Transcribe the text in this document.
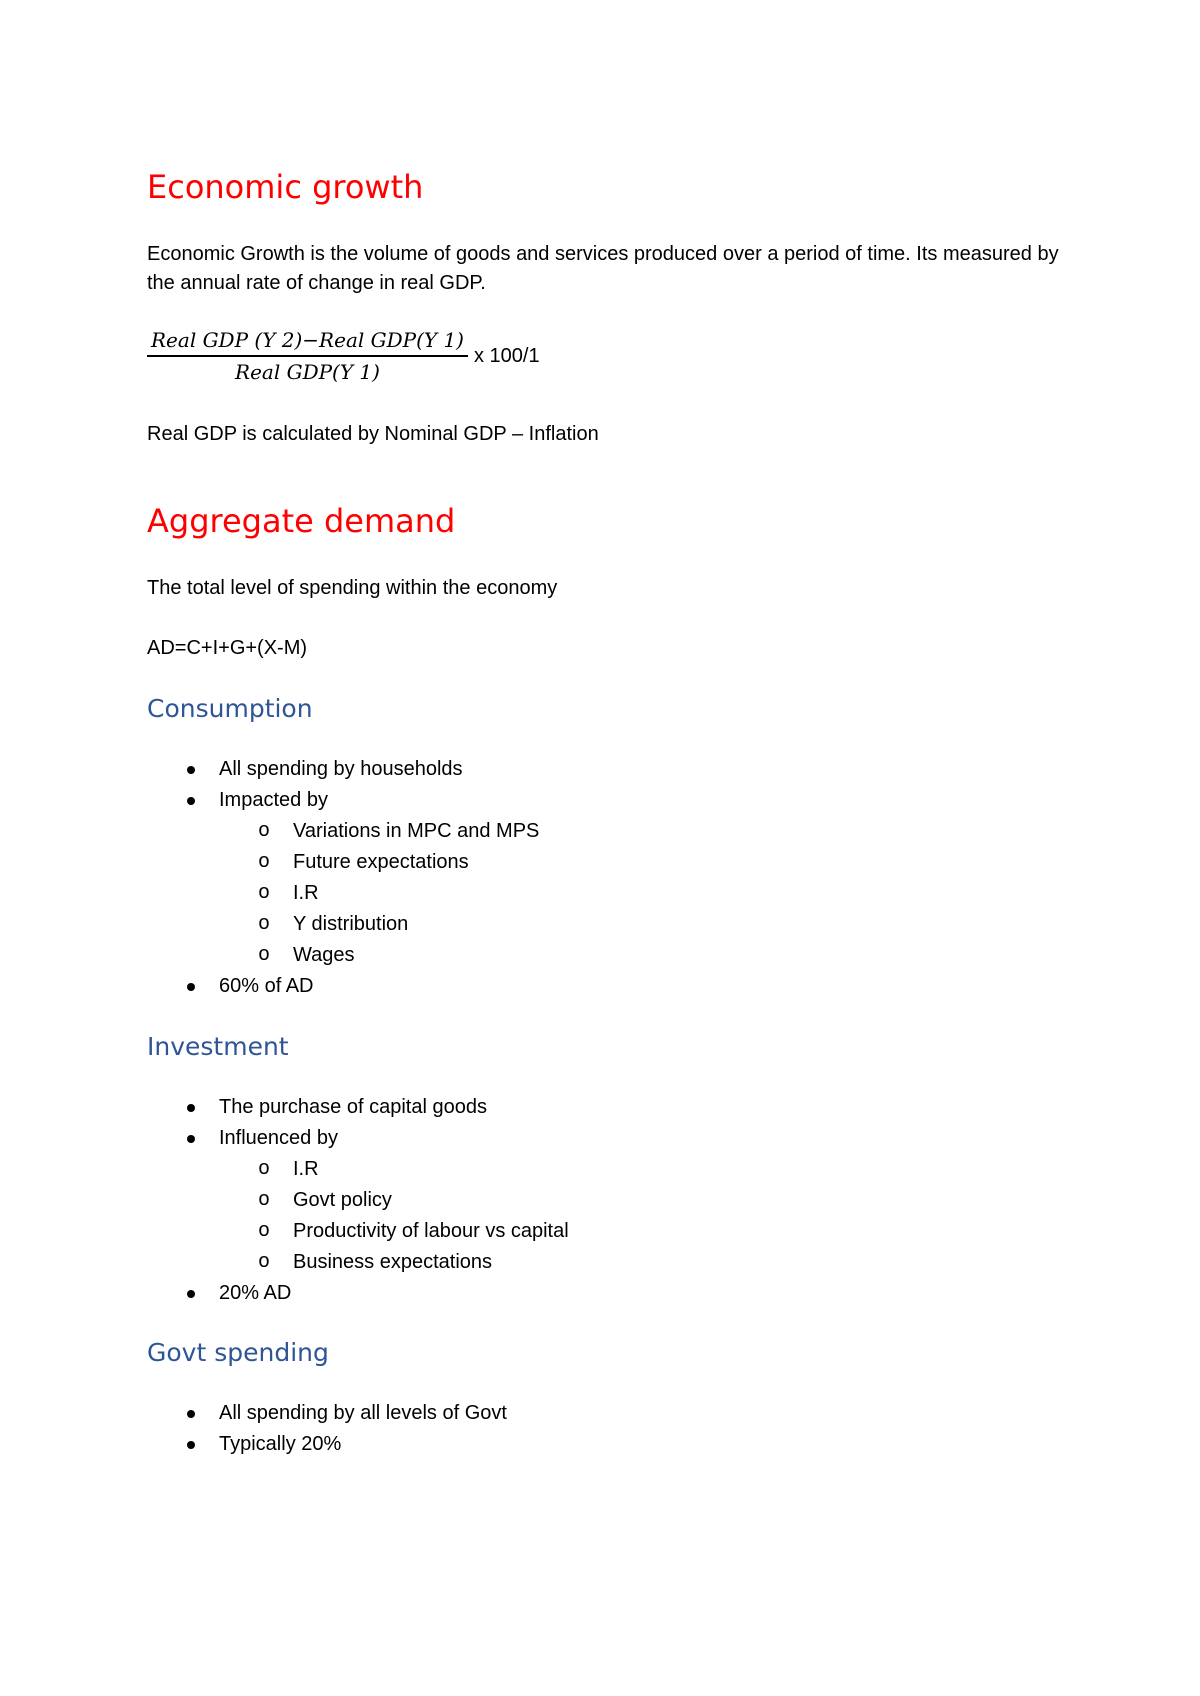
Economic growth

Economic Growth is the volume of goods and services produced over a period of time. Its measured by the annual rate of change in real GDP.

$\frac{\text{Real GDP (Y 2)−Real GDP(Y 1)}}{\text{Real GDP(Y 1)}}$ x 100/1

Real GDP is calculated by Nominal GDP – Inflation

Aggregate demand

The total level of spending within the economy

AD=C+I+G+(X-M)

Consumption
All spending by households
Impacted by
o Variations in MPC and MPS
o Future expectations
o I.R
o Y distribution
o Wages
60% of AD
Investment
The purchase of capital goods
Influenced by
o I.R
o Govt policy
o Productivity of labour vs capital
o Business expectations
20% AD
Govt spending
All spending by all levels of Govt
Typically 20%
